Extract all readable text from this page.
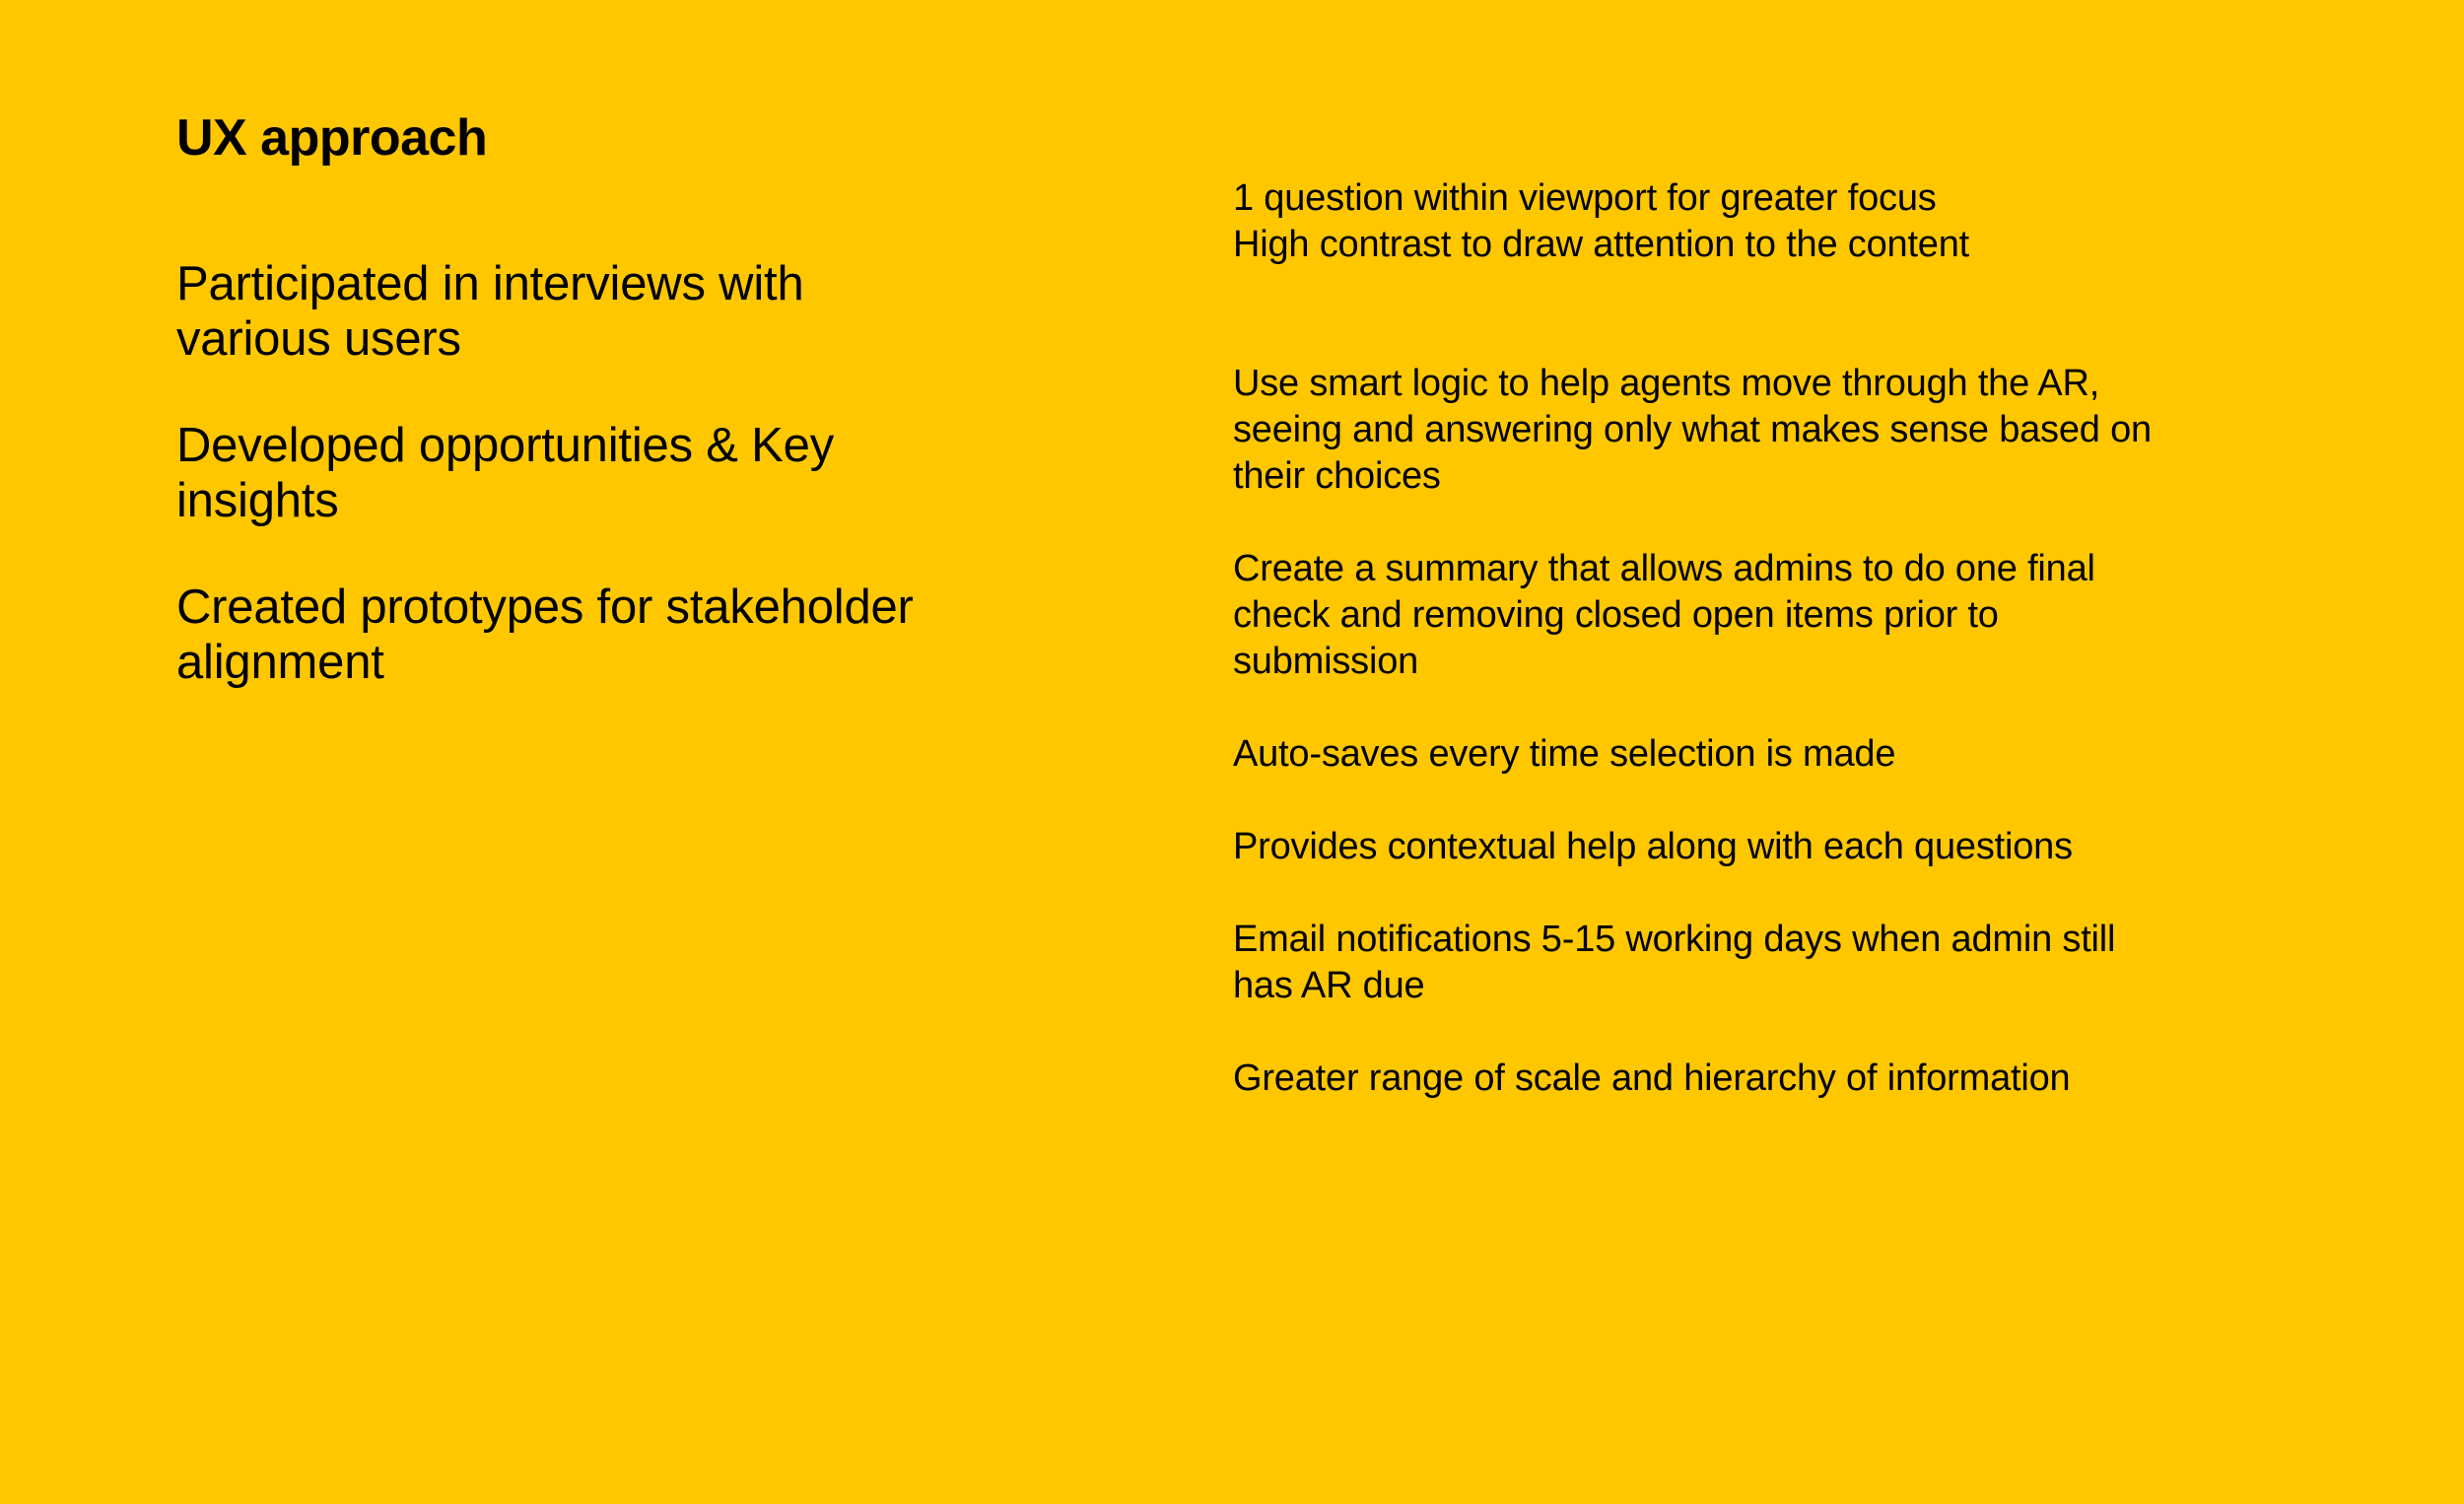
UX approach
Participated in interviews with various users
Developed opportunities & Key insights
Created prototypes for stakeholder alignment
1 question within viewport for greater focus
High contrast to draw attention to the content
Use smart logic to help agents move through the AR, seeing and answering only what makes sense based on their choices
Create a summary that allows admins to do one final check and removing closed open items prior to submission
Auto-saves every time selection is made
Provides contextual help along with each questions
Email notifications 5-15 working days when admin still has AR due
Greater range of scale and hierarchy of information
